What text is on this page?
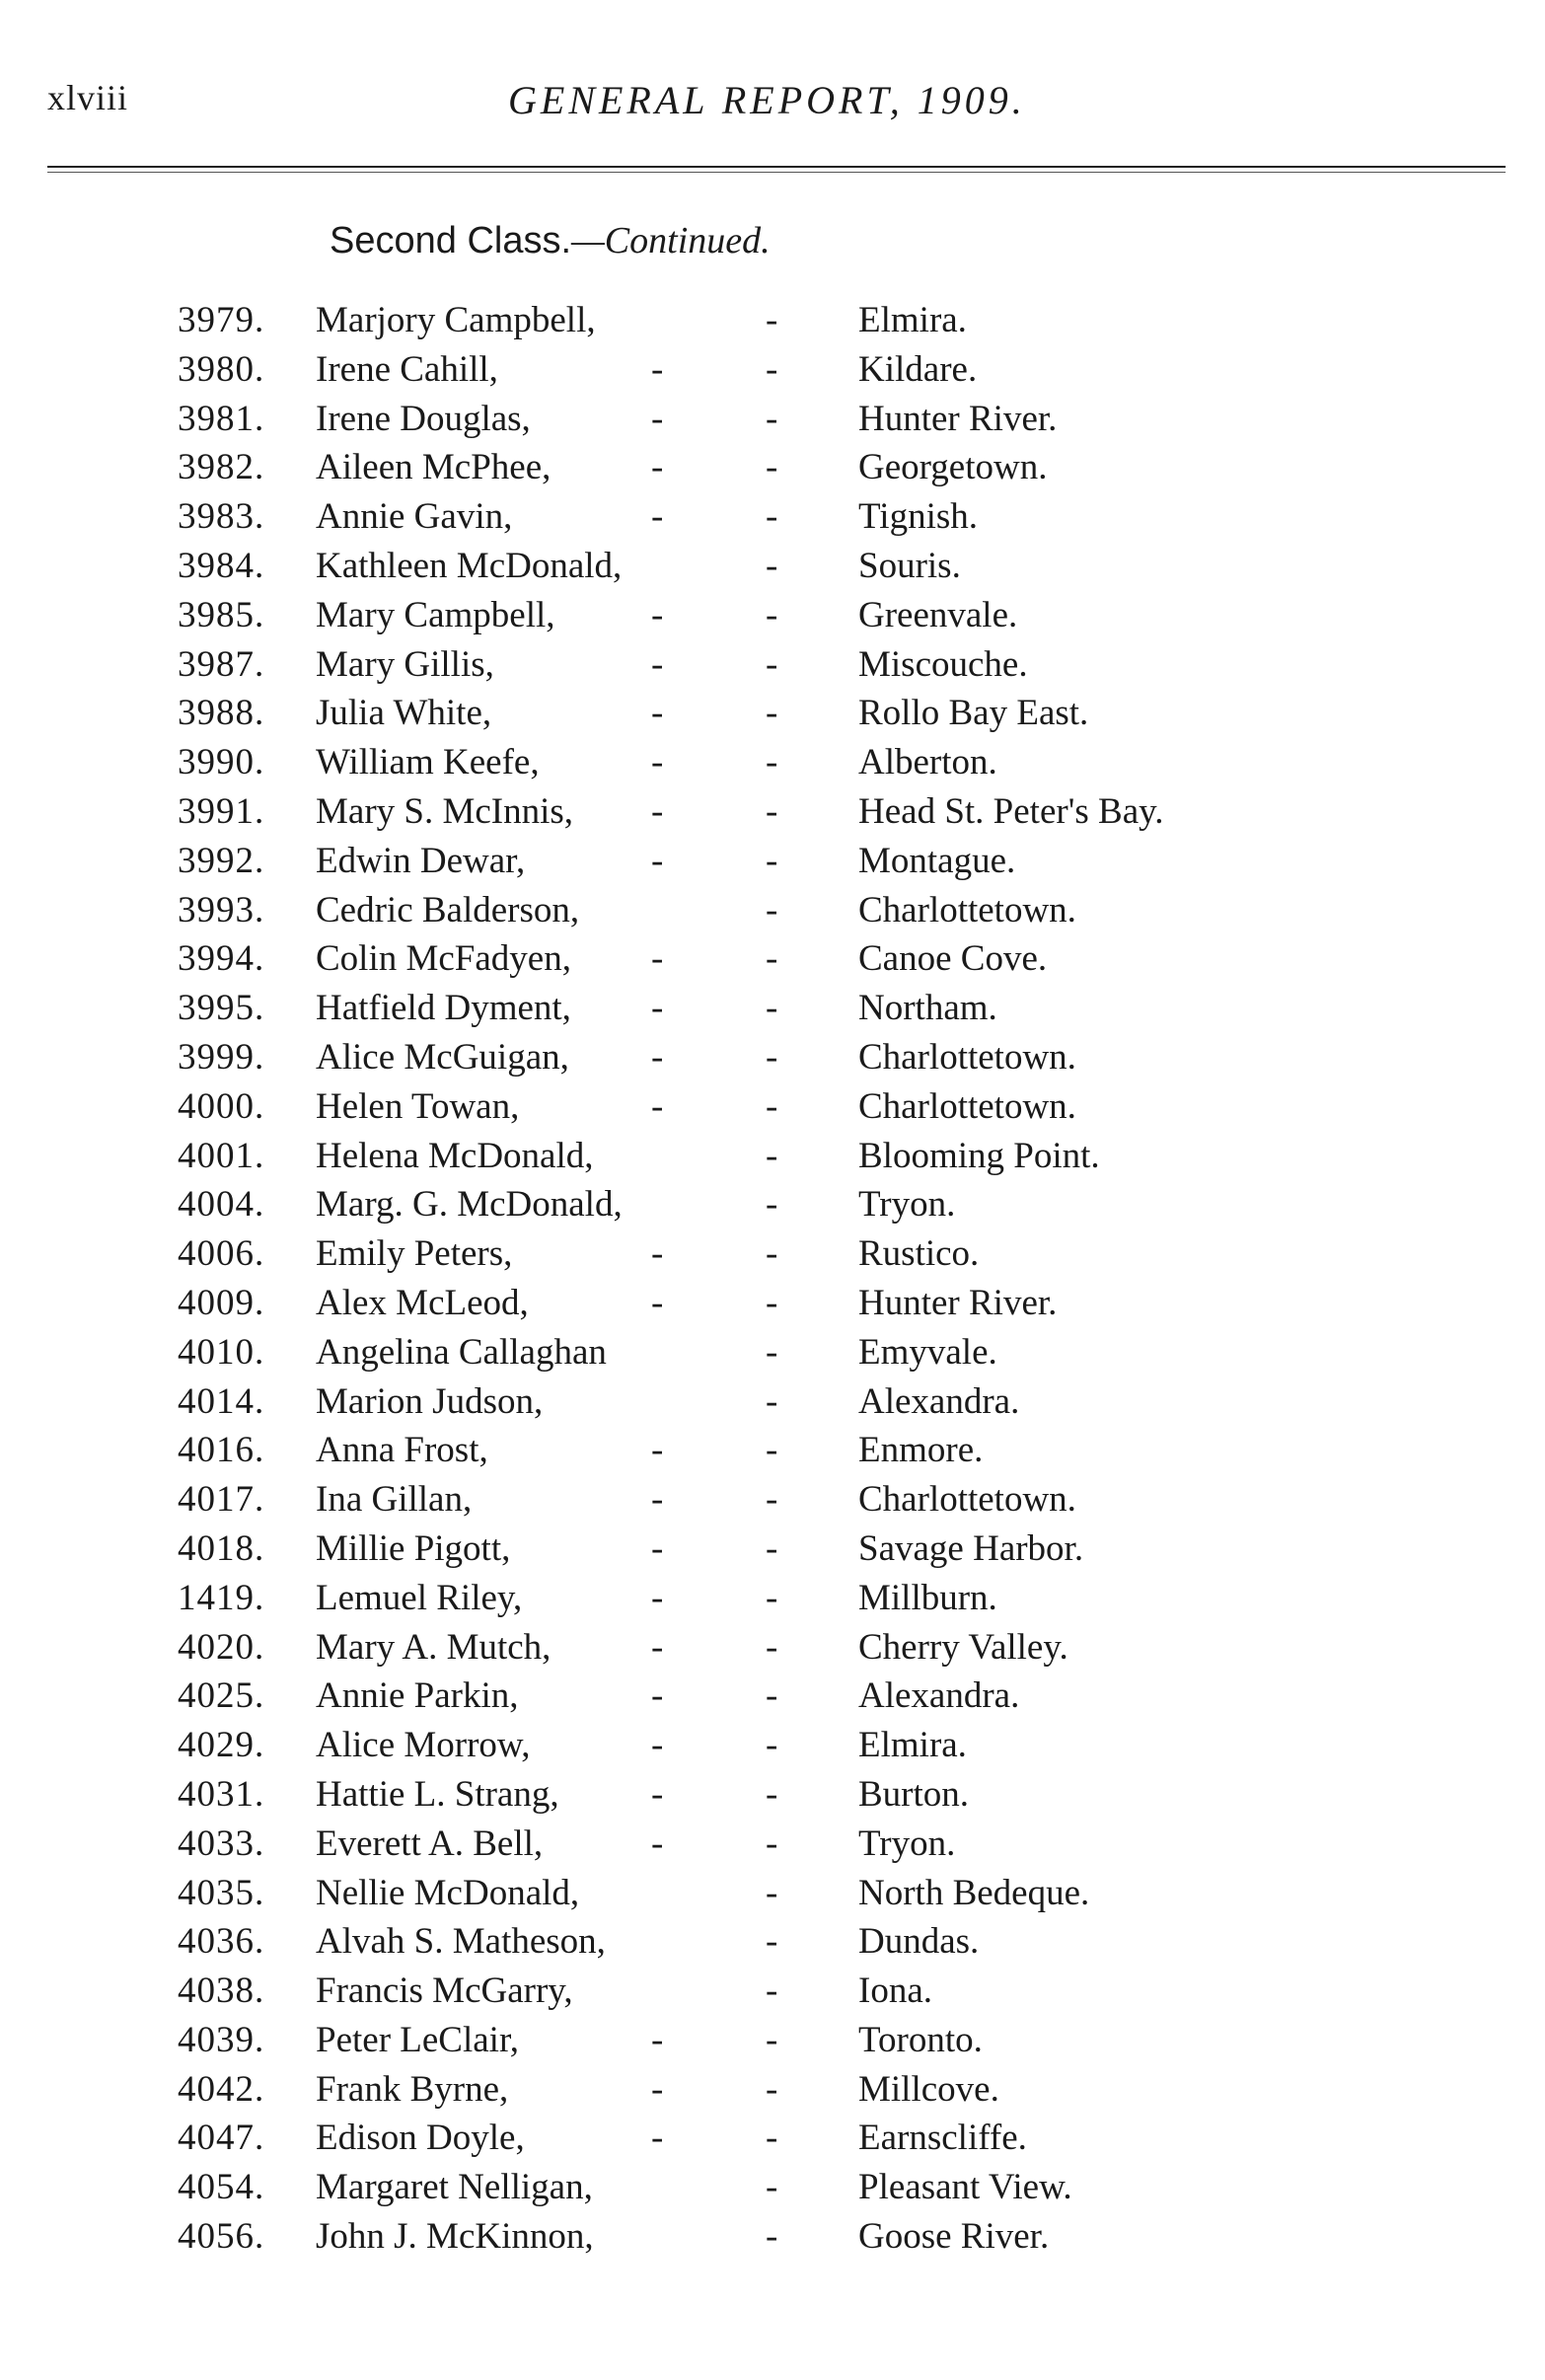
xlviii	GENERAL REPORT, 1909.
Second Class.—Continued.
3979.	Marjory Campbell,	- Elmira.
3980.	Irene Cahill,	-	- Kildare.
3981.	Irene Douglas,	-	- Hunter River.
3982.	Aileen McPhee,	-	- Georgetown.
3983.	Annie Gavin,	-	- Tignish.
3984.	Kathleen McDonald,	- Souris.
3985.	Mary Campbell,	-	- Greenvale.
3987.	Mary Gillis,	-	- Miscouche.
3988.	Julia White,	-	- Rollo Bay East.
3990.	William Keefe,	-	- Alberton.
3991.	Mary S. McInnis, -	- Head St. Peter's Bay.
3992.	Edwin Dewar,	-	- Montague.
3993.	Cedric Balderson,	- Charlottetown.
3994.	Colin McFadyen, -	- Canoe Cove.
3995.	Hatfield Dyment, -	- Northam.
3999.	Alice McGuigan, -	- Charlottetown.
4000.	Helen Towan,	-	- Charlottetown.
4001.	Helena McDonald,	- Blooming Point.
4004.	Marg. G. McDonald,	- Tryon.
4006.	Emily Peters,	-	- Rustico.
4009.	Alex McLeod,	-	- Hunter River.
4010.	Angelina Callaghan	- Emyvale.
4014.	Marion Judson,	- Alexandra.
4016.	Anna Frost,	-	- Enmore.
4017.	Ina Gillan,	-	- Charlottetown.
4018.	Millie Pigott,	-	- Savage Harbor.
1419.	Lemuel Riley,	-	- Millburn.
4020.	Mary A. Mutch,	-	- Cherry Valley.
4025.	Annie Parkin,	-	- Alexandra.
4029.	Alice Morrow,	-	- Elmira.
4031.	Hattie L. Strang,	-	- Burton.
4033.	Everett A. Bell,	-	- Tryon.
4035.	Nellie McDonald,	- North Bedeque.
4036.	Alvah S. Matheson,	- Dundas.
4038.	Francis McGarry,	- Iona.
4039.	Peter LeClair,	-	- Toronto.
4042.	Frank Byrne,	-	- Millcove.
4047.	Edison Doyle,	-	- Earnscliffe.
4054.	Margaret Nelligan,	- Pleasant View.
4056.	John J. McKinnon,	- Goose River.
